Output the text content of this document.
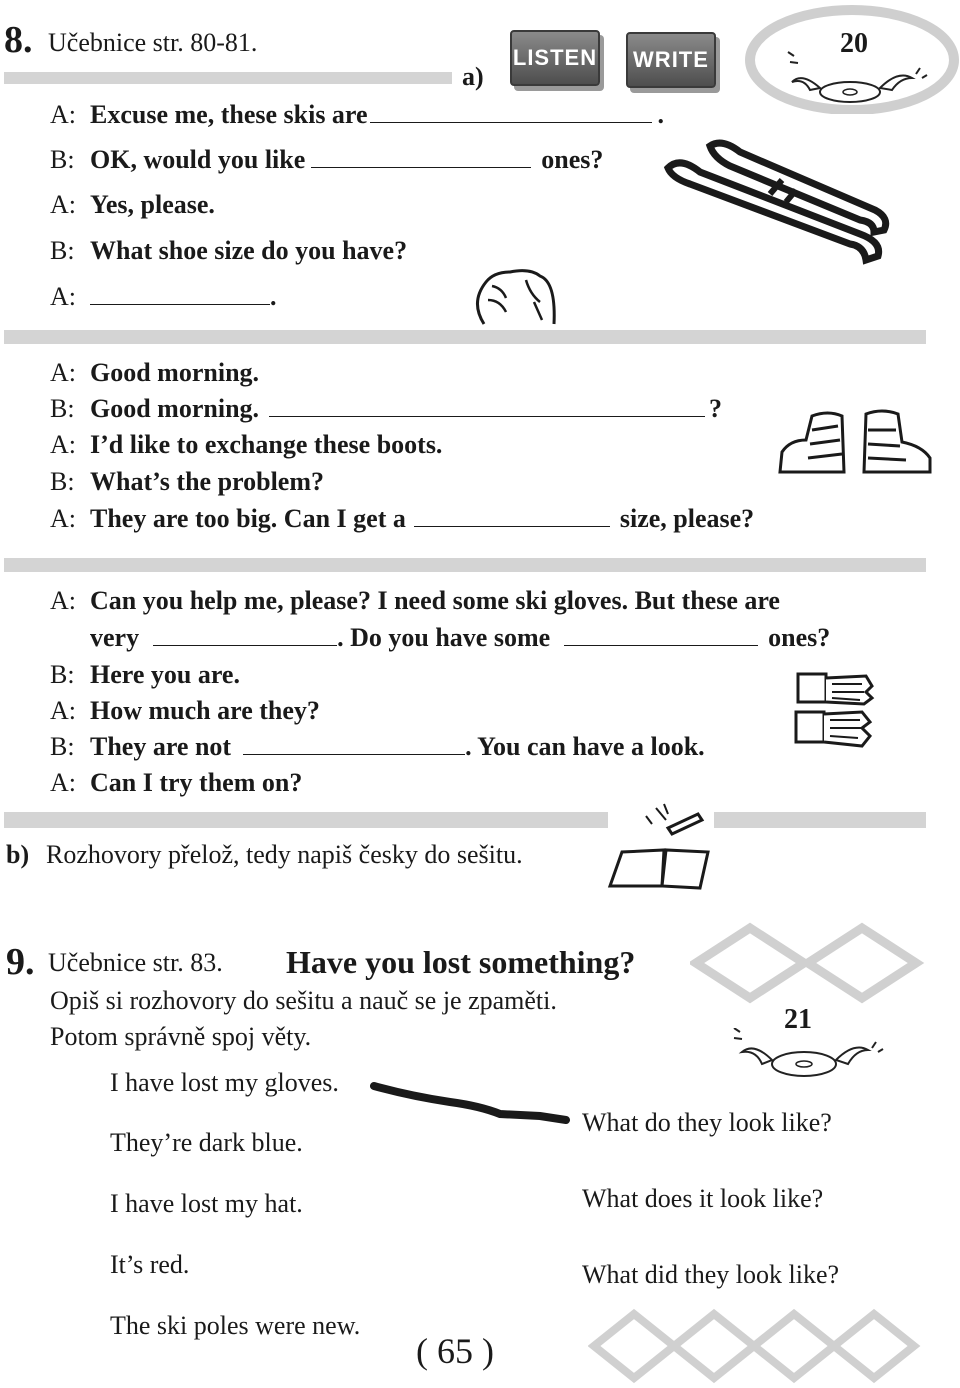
8. Učebnice str. 80-81.
a)
LISTEN	WRITE
20
A: Excuse me, these skis are	.
B: OK, would you like	ones?
A: Yes, please.
B: What shoe size do you have?
A:	.
A: Good morning.
B: Good morning.	?
A: I’d like to exchange these boots.
B: What’s the problem?
A: They are too big. Can I get a	size, please?
A: Can you help me, please? I need some ski gloves. But these are
very	. Do you have some	ones?
B: Here you are.
A: How much are they?
B: They are not	. You can have a look.
A: Can I try them on?
b) Rozhovory přelož, tedy napiš česky do sešitu.
9. Učebnice str. 83. Have you lost something?
Opiš si rozhovory do sešitu a nauč se je zpaměti.
Potom správně spoj věty.
21
I have lost my gloves.
They’re dark blue.
I have lost my hat.
It’s red.
The ski poles were new.
What do they look like?
What does it look like?
What did they look like?
( 65 )
